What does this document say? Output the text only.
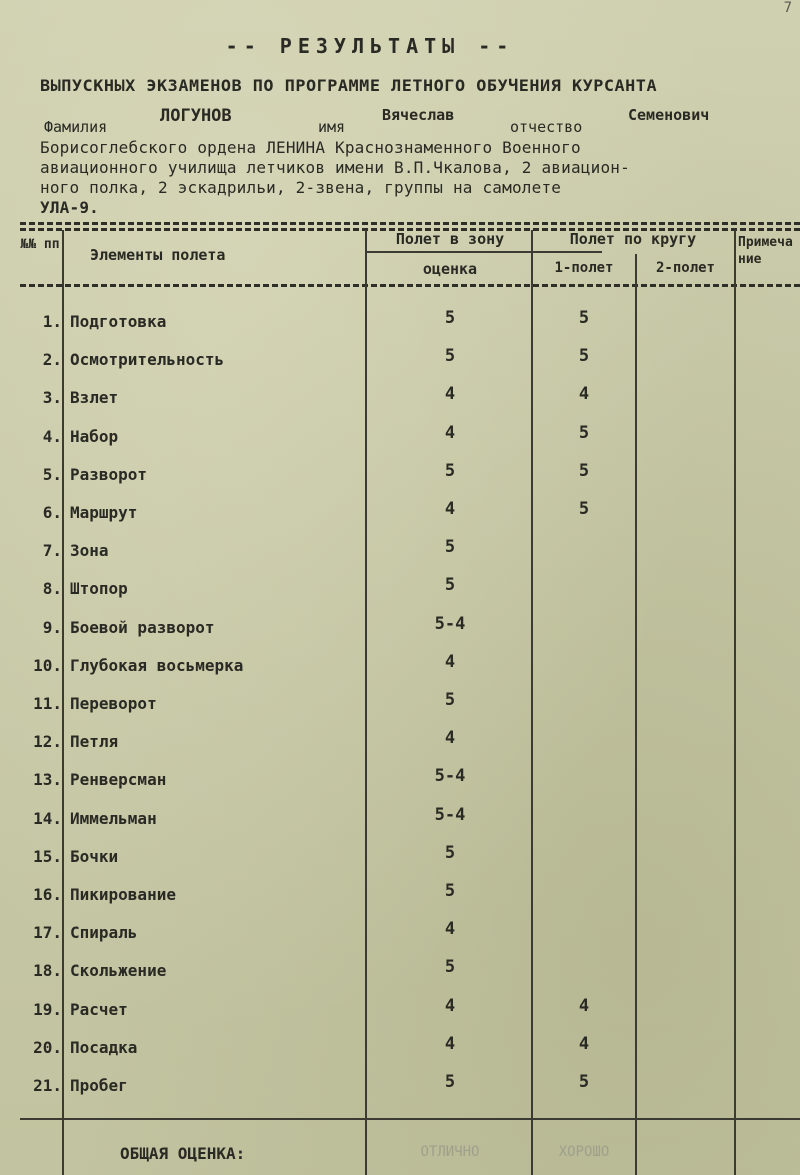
7
-- РЕЗУЛЬТАТЫ --
ВЫПУСКНЫХ ЭКЗАМЕНОВ ПО ПРОГРАММЕ ЛЕТНОГО ОБУЧЕНИЯ КУРСАНТА
Фамилия
ЛОГУНОВ
имя
Вячеслав
отчество
Семенович
Борисоглебского ордена ЛЕНИНА Краснознаменного Военного
авиационного училища летчиков имени В.П.Чкалова, 2 авиацион-
ного полка, 2 эскадрильи, 2-звена, группы на самолете
УЛА-9.
№№ пп
Элементы полета
Полет в зону
оценка
Полет по кругу
1-полет	2-полет
Примечание
1. Подготовка	5	5
2. Осмотрительность	5	5
3. Взлет	4	4
4. Набор	4	5
5. Разворот	5	5
6. Маршрут	4	5
7. Зона	5
8. Штопор	5
9. Боевой разворот	5-4
10. Глубокая восьмерка	4
11. Переворот	5
12. Петля	4
13. Ренверсман	5-4
14. Иммельман	5-4
15. Бочки	5
16. Пикирование	5
17. Спираль	4
18. Скольжение	5
19. Расчет	4	4
20. Посадка	4	4
21. Пробег	5	5
ОБЩАЯ ОЦЕНКА:	ОТЛИЧНО	ХОРОШО
